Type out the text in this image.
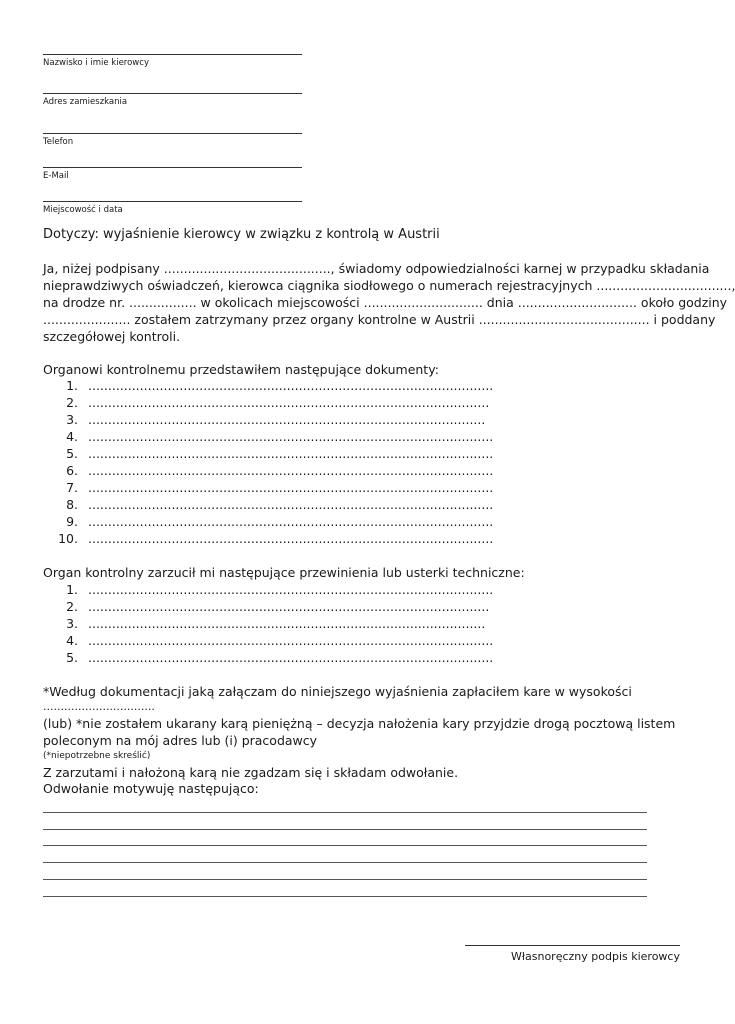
Nazwisko i imie kierowcy
Adres zamieszkania
Telefon
E-Mail
Miejscowość i data
Dotyczy: wyjaśnienie kierowcy w związku z kontrolą w Austrii
Ja, niżej podpisany .........................................., świadomy odpowiedzialności karnej w przypadku składania
nieprawdziwych oświadczeń, kierowca ciągnika siodłowego o numerach rejestracyjnych ..................................,
na drodze nr. ................. w okolicach miejscowości .............................. dnia .............................. około godziny
...................... zostałem zatrzymany przez organy kontrolne w Austrii ........................................... i poddany
szczegółowej kontroli.
Organowi kontrolnemu przedstawiłem następujące dokumenty:
1. ......................................................................................................
2. .....................................................................................................
3. ....................................................................................................
4. ......................................................................................................
5. ......................................................................................................
6. ......................................................................................................
7. ......................................................................................................
8. ......................................................................................................
9. ......................................................................................................
10. ......................................................................................................
Organ kontrolny zarzucił mi następujące przewinienia lub usterki techniczne:
1. ......................................................................................................
2. .....................................................................................................
3. ....................................................................................................
4. ......................................................................................................
5. ......................................................................................................
*Według dokumentacji jaką załączam do niniejszego wyjaśnienia zapłaciłem kare w wysokości
................................
(lub) *nie zostałem ukarany karą pieniężną – decyzja nałożenia kary przyjdzie drogą pocztową listem
poleconym na mój adres lub (i) pracodawcy
(*niepotrzebne skreślić)
Z zarzutami i nałożoną karą nie zgadzam się i składam odwołanie.
Odwołanie motywuję następująco:
Własnoręczny podpis kierowcy
